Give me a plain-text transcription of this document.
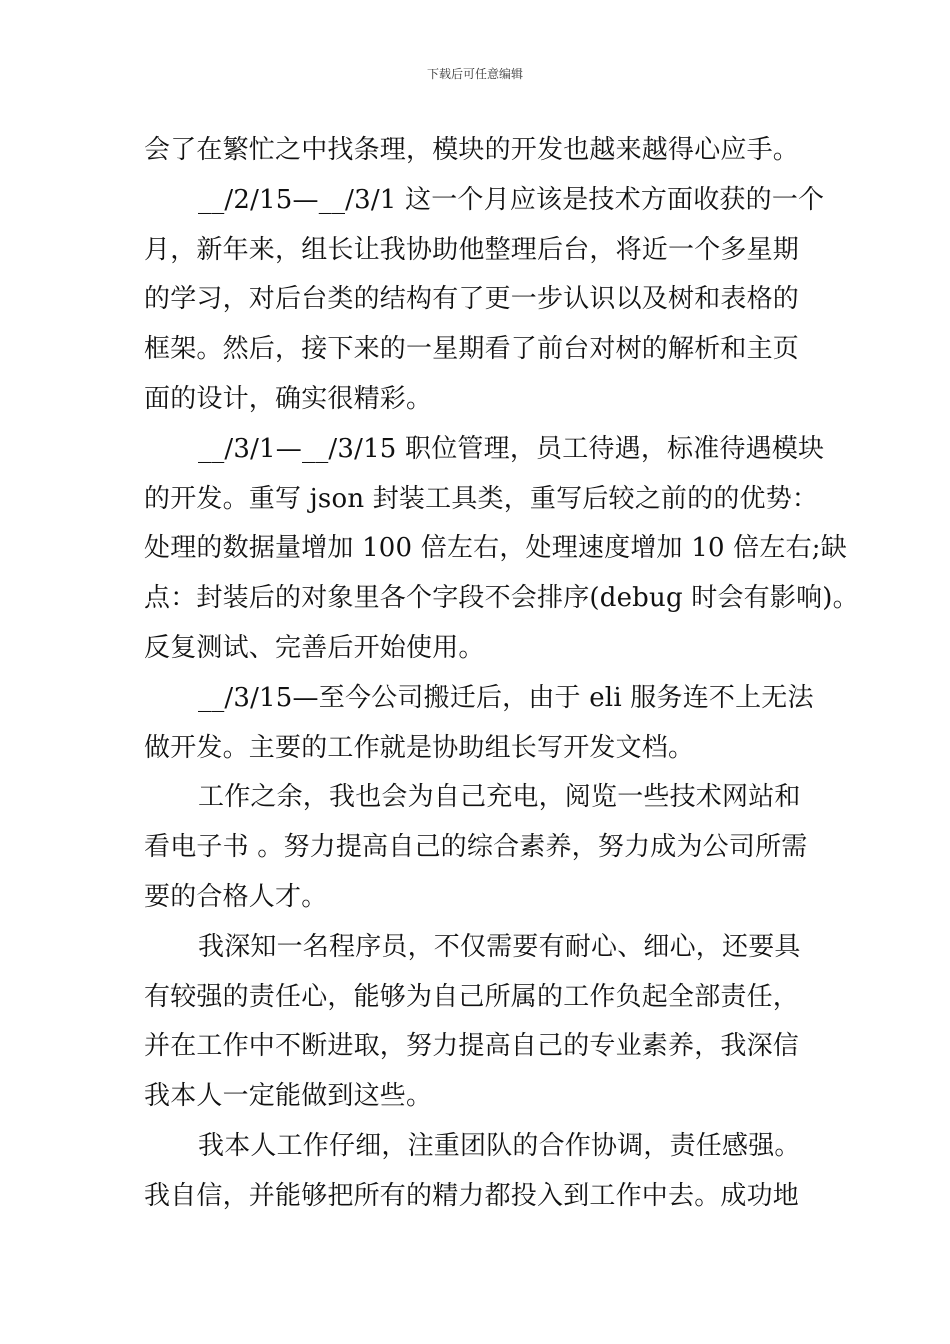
下载后可任意编辑
会了在繁忙之中找条理，模块的开发也越来越得心应手。
__/2/15—__/3/1 这一个月应该是技术方面收获的一个
月，新年来，组长让我协助他整理后台，将近一个多星期
的学习，对后台类的结构有了更一步认识以及树和表格的
框架。然后，接下来的一星期看了前台对树的解析和主页
面的设计，确实很精彩。
__/3/1—__/3/15 职位管理，员工待遇，标准待遇模块
的开发。重写 json 封装工具类，重写后较之前的的优势：
处理的数据量增加 100 倍左右，处理速度增加 10 倍左右;缺
点：封装后的对象里各个字段不会排序(debug 时会有影响)。
反复测试、完善后开始使用。
__/3/15—至今公司搬迁后，由于 eli 服务连不上无法
做开发。主要的工作就是协助组长写开发文档。
工作之余，我也会为自己充电，阅览一些技术网站和
看电子书 。努力提高自己的综合素养，努力成为公司所需
要的合格人才。
我深知一名程序员，不仅需要有耐心、细心，还要具
有较强的责任心，能够为自己所属的工作负起全部责任，
并在工作中不断进取，努力提高自己的专业素养，我深信
我本人一定能做到这些。
我本人工作仔细，注重团队的合作协调，责任感强。
我自信，并能够把所有的精力都投入到工作中去。成功地
